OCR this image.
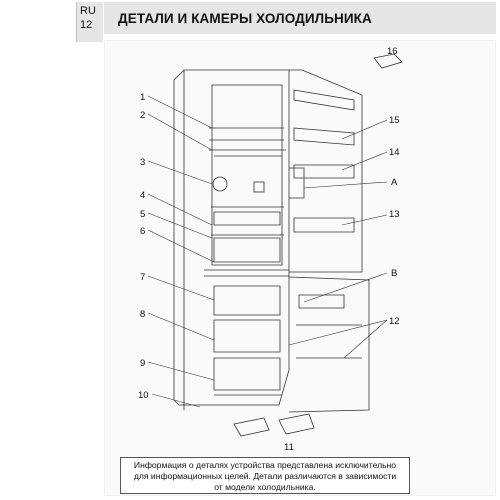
RU
12 ДЕТАЛИ И КАМЕРЫ ХОЛОДИЛЬНИКА
1
2
3
4
5
6
7
8
9
10
11
12
13
14
15
16
A
B
Информация о деталях устройства представлена исключительно
для информационных целей. Детали различаются в зависимости
от модели холодильника.
